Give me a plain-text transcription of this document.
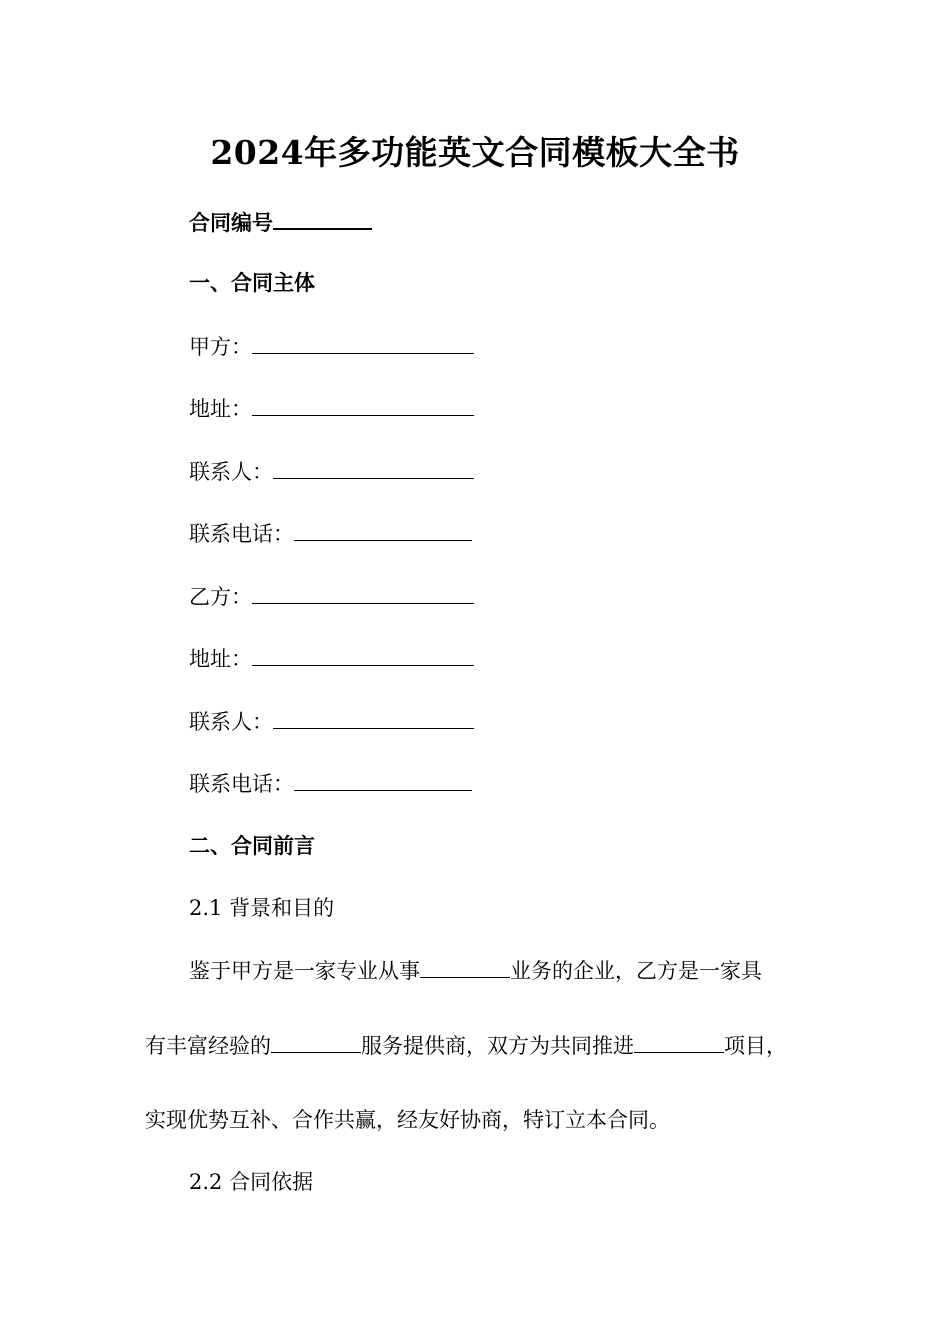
2024年多功能英文合同模板大全书
合同编号
一、合同主体
甲方：
地址：
联系人：
联系电话：
乙方：
地址：
联系人：
联系电话：
二、合同前言
2.1 背景和目的
鉴于甲方是一家专业从事	业务的企业，乙方是一家具
有丰富经验的	服务提供商，双方为共同推进	项目，
实现优势互补、合作共赢，经友好协商，特订立本合同。
2.2 合同依据
